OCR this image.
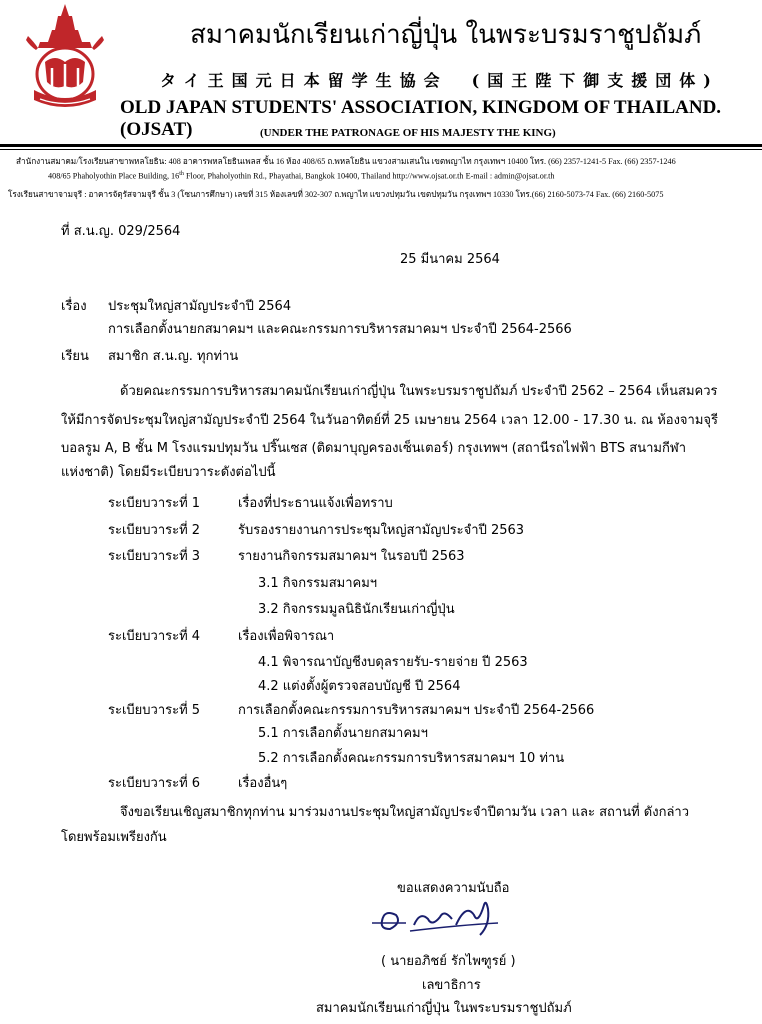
สมาคมนักเรียนเก่าญี่ปุ่น ในพระบรมราชูปถัมภ์
タイ王国元日本留学生協会　(国王陛下御支援団体)
OLD JAPAN STUDENTS' ASSOCIATION, KINGDOM OF THAILAND. (OJSAT)	(UNDER THE PATRONAGE OF HIS MAJESTY THE KING)
สำนักงานสมาคม/โรงเรียนสาขาพหลโยธิน: 408 อาคารพหลโยธินเพลส ชั้น 16 ห้อง 408/65 ถ.พหลโยธิน แขวงสามเสนใน เขตพญาไท กรุงเทพฯ 10400 โทร. (66) 2357-1241-5 Fax. (66) 2357-1246
408/65 Phaholyothin Place Building, 16th Floor, Phaholyothin Rd., Phayathai, Bangkok 10400, Thailand http://www.ojsat.or.th E-mail : admin@ojsat.or.th
โรงเรียนสาขาจามจุรี : อาคารจัตุรัสจามจุรี ชั้น 3 (โซนการศึกษา) เลขที่ 315 ห้องเลขที่ 302-307 ถ.พญาไท แขวงปทุมวัน เขตปทุมวัน กรุงเทพฯ 10330 โทร.(66) 2160-5073-74 Fax. (66) 2160-5075
ที่ ส.น.ญ. 029/2564
25 มีนาคม 2564
เรื่อง ประชุมใหญ่สามัญประจำปี 2564
การเลือกตั้งนายกสมาคมฯ และคณะกรรมการบริหารสมาคมฯ ประจำปี 2564-2566
เรียน สมาชิก ส.น.ญ. ทุกท่าน
ด้วยคณะกรรมการบริหารสมาคมนักเรียนเก่าญี่ปุ่น ในพระบรมราชูปถัมภ์ ประจำปี 2562 – 2564 เห็นสมควร
ให้มีการจัดประชุมใหญ่สามัญประจำปี 2564 ในวันอาทิตย์ที่ 25 เมษายน 2564 เวลา 12.00 - 17.30 น. ณ ห้องจามจุรี
บอลรูม A, B ชั้น M โรงแรมปทุมวัน ปริ๊นเซส (ติดมาบุญครองเซ็นเตอร์) กรุงเทพฯ (สถานีรถไฟฟ้า BTS สนามกีฬา
แห่งชาติ) โดยมีระเบียบวาระดังต่อไปนี้
ระเบียบวาระที่ 1	เรื่องที่ประธานแจ้งเพื่อทราบ
ระเบียบวาระที่ 2	รับรองรายงานการประชุมใหญ่สามัญประจำปี 2563
ระเบียบวาระที่ 3	รายงานกิจกรรมสมาคมฯ ในรอบปี 2563
3.1 กิจกรรมสมาคมฯ
3.2 กิจกรรมมูลนิธินักเรียนเก่าญี่ปุ่น
ระเบียบวาระที่ 4	เรื่องเพื่อพิจารณา
4.1 พิจารณาบัญชีงบดุลรายรับ-รายจ่าย ปี 2563
4.2 แต่งตั้งผู้ตรวจสอบบัญชี ปี 2564
ระเบียบวาระที่ 5	การเลือกตั้งคณะกรรมการบริหารสมาคมฯ ประจำปี 2564-2566
5.1 การเลือกตั้งนายกสมาคมฯ
5.2 การเลือกตั้งคณะกรรมการบริหารสมาคมฯ 10 ท่าน
ระเบียบวาระที่ 6	เรื่องอื่นๆ
จึงขอเรียนเชิญสมาชิกทุกท่าน มาร่วมงานประชุมใหญ่สามัญประจำปีตามวัน เวลา และ สถานที่ ดังกล่าว
โดยพร้อมเพรียงกัน
ขอแสดงความนับถือ
( นายอภิชย์ รักไพฑูรย์ )
เลขาธิการ
สมาคมนักเรียนเก่าญี่ปุ่น ในพระบรมราชูปถัมภ์
